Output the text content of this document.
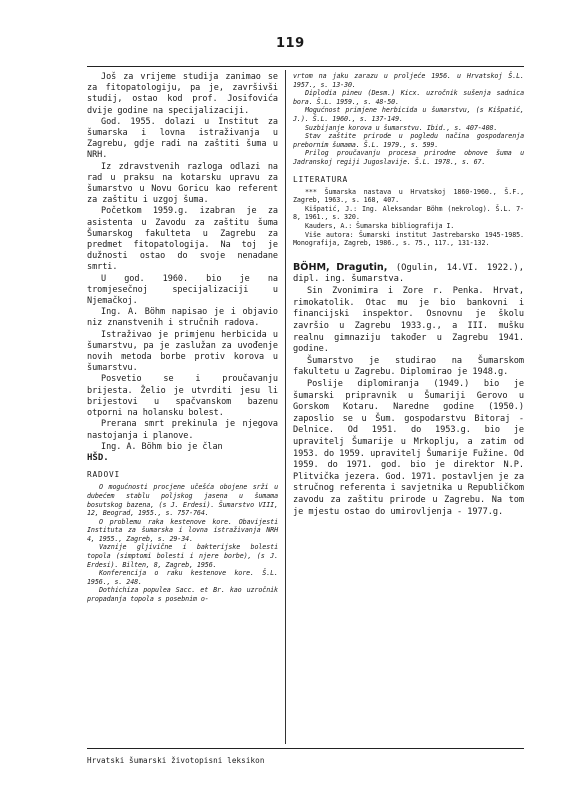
119

Još za vrijeme studija zanimao se za fitopatologiju, pa je, završivši studij, ostao kod prof. Josifovića dvije godine na specijalizaciji.

God. 1955. dolazi u Institut za šumarska i lovna istraživanja u Zagrebu, gdje radi na zaštiti šuma u NRH.

Iz zdravstvenih razloga odlazi na rad u praksu na kotarsku upravu za šumarstvo u Novu Goricu kao referent za zaštitu i uzgoj šuma.

Početkom 1959.g. izabran je za asistenta u Zavodu za zaštitu šuma Šumarskog fakulteta u Zagrebu za predmet fitopatologija. Na toj je dužnosti ostao do svoje nenadane smrti.

U god. 1960. bio je na tromjesečnoj specijalizaciji u Njemačkoj.

Ing. A. Böhm napisao je i objavio niz znanstvenih i stručnih radova.

Istraživao je primjenu herbicida u šumarstvu, pa je zaslužan za uvođenje novih metoda borbe protiv korova u šumarstvu.

Posvetio se i proučavanju brijesta. Želio je utvrditi jesu li brijestovi u spačvanskom bazenu otporni na holansku bolest.

Prerana smrt prekinula je njegova nastojanja i planove.

Ing. A. Böhm bio je član

HŠD.
RADOVI

O mogućnosti procjene učešća obojene srži u dubećem stablu poljskog jasena u šumama bosutskog bazena, (s J. Erdesi). Šumarstvo VIII, 12, Beograd, 1955., s. 757-764.

O problemu raka kestenove kore. Obavijesti Instituta za šumarska i lovna istraživanja NRH 4, 1955., Zagreb, s. 29-34.

Vaznije gljivične i bakterijske bolesti topola (simptomi bolesti i njere borbe), (s J. Erdesi). Bilten, 8, Zagreb, 1956.

Konferencija o raku kestenove kore. Š.L. 1956., s. 248.

Dothichiza populea Sacc. et Br. kao uzročnik propadanja topola s posebnim o-

vrtom na jaku zarazu u proljeće 1956. u Hrvatskoj Š.L. 1957., s. 13-30.

Diplodia pineu (Desm.) Kicx. uzročnik sušenja sadnica bora. Š.L. 1959., s. 48-50.

Mogućnost primjene herbicida u šumarstvu, (s Kišpatić, J.). Š.L. 1960., s. 137-149.

Suzbijanje korova u šumarstvu. Ibid., s. 407-408.

Stav zaštite prirode u pogledu načina gospodarenja prebornim šumama. Š.L. 1979., s. 599.

Prilog proučavanju procesa prirodne obnove šuma u Jadranskoj regiji Jugoslavije. Š.L. 1978., s. 67.

LITERATURA

*** Šumarska nastava u Hrvatskoj 1860-1960., Š.F., Zagreb, 1963., s. 168, 407.

Kišpatić, J.: Ing. Aleksandar Böhm (nekrolog). Š.L. 7-8, 1961., s. 320.

Kauders, A.: Šumarska bibliografija I.

Više autora: Šumarski institut Jastrebarsko 1945-1985. Monografija, Zagreb, 1986., s. 75., 117., 131-132.

BÖHM, Dragutin, (Ogulin, 14.VI. 1922.), dipl. ing. šumarstva.

Sin Zvonimira i Zore r. Penka. Hrvat, rimokatolik. Otac mu je bio bankovni i financijski inspektor. Osnovnu je školu završio u Zagrebu 1933.g., a III. mušku realnu gimnaziju također u Zagrebu 1941. godine.

Šumarstvo je studirao na Šumarskom fakultetu u Zagrebu. Diplomirao je 1948.g.

Poslije diplomiranja (1949.) bio je šumarski pripravnik u Šumariji Gerovo u Gorskom Kotaru. Naredne godine (1950.) zaposlio se u Šum. gospodarstvu Bitoraj - Delnice. Od 1951. do 1953.g. bio je upravitelj Šumarije u Mrkoplju, a zatim od 1953. do 1959. upravitelj Šumarije Fužine. Od 1959. do 1971. god. bio je direktor N.P. Plitvička jezera. God. 1971. postavljen je za stručnog referenta i savjetnika u Republičkom zavodu za zaštitu prirode u Zagrebu. Na tom je mjestu ostao do umirovljenja - 1977.g.

Hrvatski šumarski životopisni leksikon
